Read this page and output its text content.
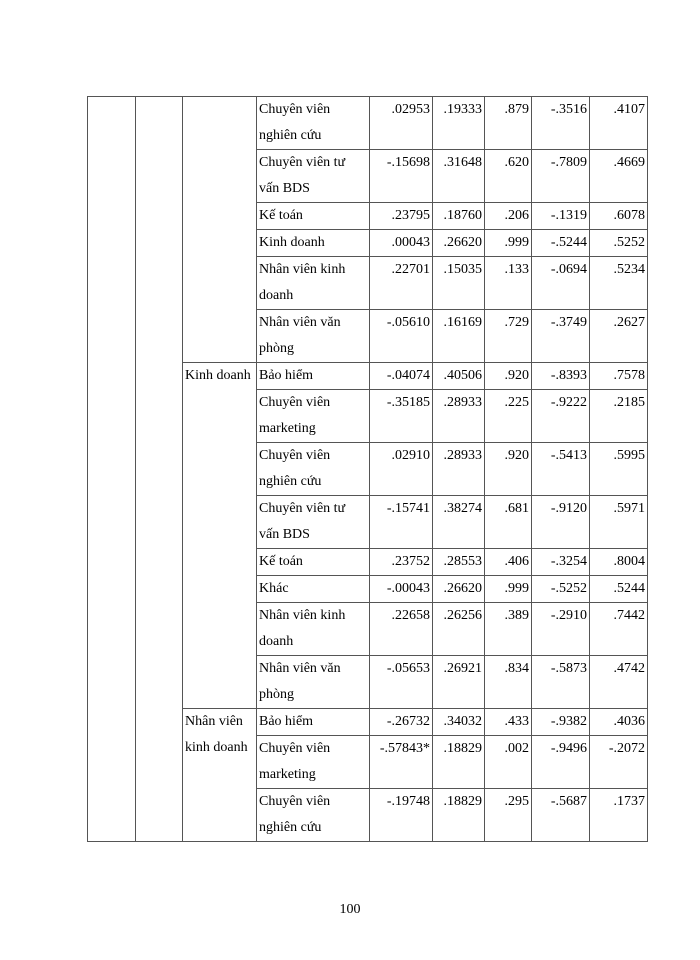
			Chuyên viên nghiên cứu	.02953	.19333	.879	-.3516	.4107
			Chuyên viên tư vấn BDS	-.15698	.31648	.620	-.7809	.4669
			Kế toán	.23795	.18760	.206	-.1319	.6078
			Kinh doanh	.00043	.26620	.999	-.5244	.5252
			Nhân viên kinh doanh	.22701	.15035	.133	-.0694	.5234
			Nhân viên văn phòng	-.05610	.16169	.729	-.3749	.2627
		Kinh doanh	Bảo hiểm	-.04074	.40506	.920	-.8393	.7578
			Chuyên viên marketing	-.35185	.28933	.225	-.9222	.2185
			Chuyên viên nghiên cứu	.02910	.28933	.920	-.5413	.5995
			Chuyên viên tư vấn BDS	-.15741	.38274	.681	-.9120	.5971
			Kế toán	.23752	.28553	.406	-.3254	.8004
			Khác	-.00043	.26620	.999	-.5252	.5244
			Nhân viên kinh doanh	.22658	.26256	.389	-.2910	.7442
			Nhân viên văn phòng	-.05653	.26921	.834	-.5873	.4742
		Nhân viên kinh doanh	Bảo hiểm	-.26732	.34032	.433	-.9382	.4036
			Chuyên viên marketing	-.57843*	.18829	.002	-.9496	-.2072
			Chuyên viên nghiên cứu	-.19748	.18829	.295	-.5687	.1737
100
